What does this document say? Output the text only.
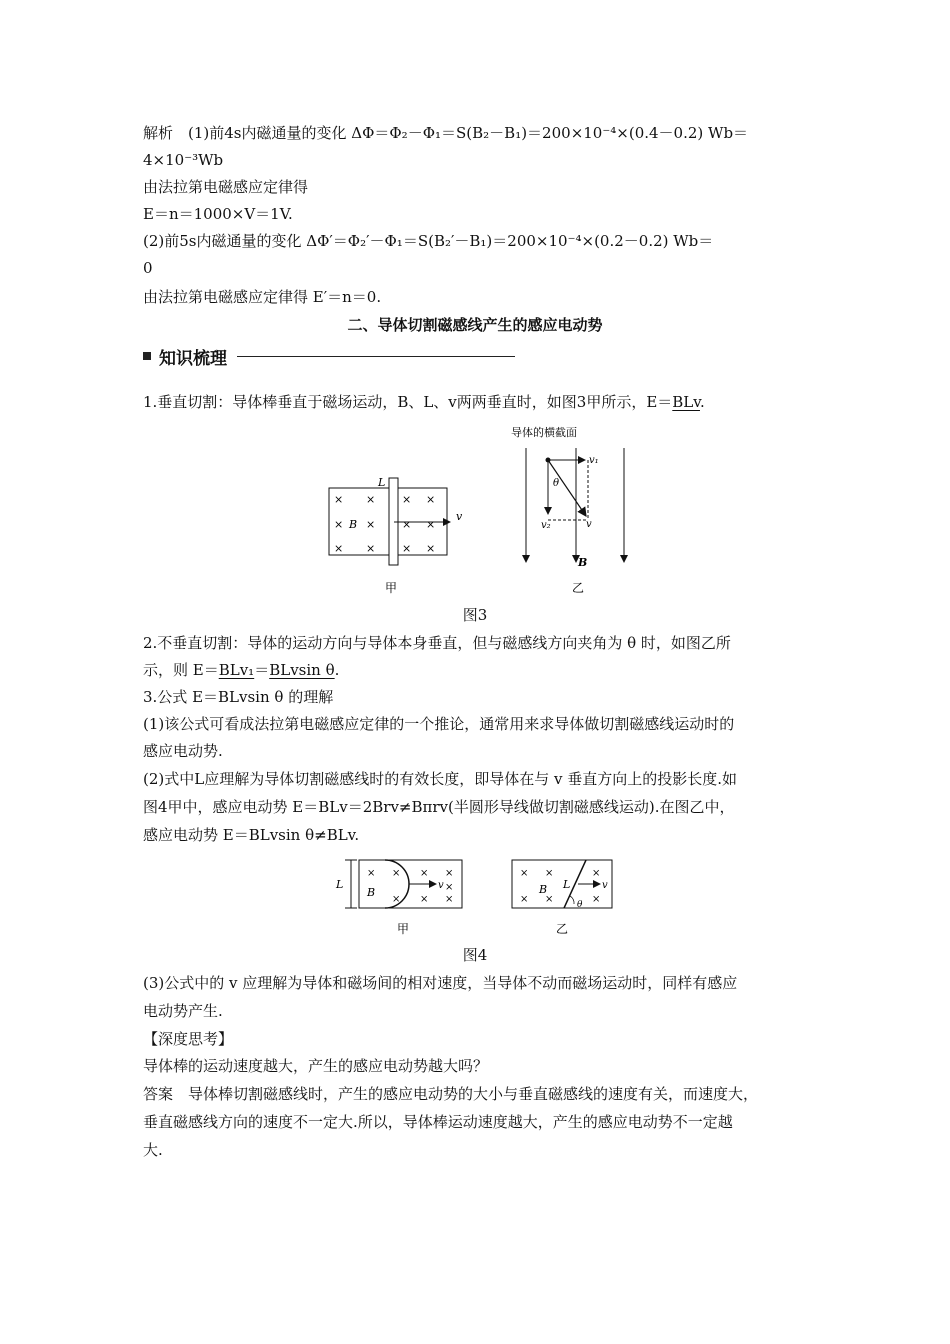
解析　(1)前4s内磁通量的变化 ΔΦ＝Φ₂－Φ₁＝S(B₂－B₁)＝200×10⁻⁴×(0.4－0.2) Wb＝
4×10⁻³Wb
由法拉第电磁感应定律得
E＝n＝1000×V＝1V.
(2)前5s内磁通量的变化 ΔΦ′＝Φ₂′－Φ₁＝S(B₂′－B₁)＝200×10⁻⁴×(0.2－0.2) Wb＝
0
由法拉第电磁感应定律得 E′＝n＝0.
二、导体切割磁感线产生的感应电动势
知识梳理
1.垂直切割：导体棒垂直于磁场运动，B、L、v两两垂直时，如图3甲所示，E＝BLv.
L
× × × ×
× × × ×
× × × ×
B
v
甲
导体的横截面
v₁
θ
v₂	v
B
乙
L
× × × ×
×
× × ×
B
v
甲
× ×	×
× ×	×
B L	v
θ
乙
图3
2.不垂直切割：导体的运动方向与导体本身垂直，但与磁感线方向夹角为 θ 时，如图乙所
示，则 E＝BLv₁＝BLvsin θ.
3.公式 E＝BLvsin θ 的理解
(1)该公式可看成法拉第电磁感应定律的一个推论，通常用来求导体做切割磁感线运动时的
感应电动势.
(2)式中L应理解为导体切割磁感线时的有效长度，即导体在与 v 垂直方向上的投影长度.如
图4甲中，感应电动势 E＝BLv＝2Brv≠Bπrv(半圆形导线做切割磁感线运动).在图乙中，
感应电动势 E＝BLvsin θ≠BLv.
图4
(3)公式中的 v 应理解为导体和磁场间的相对速度，当导体不动而磁场运动时，同样有感应
电动势产生.
【深度思考】
导体棒的运动速度越大，产生的感应电动势越大吗？
答案　导体棒切割磁感线时，产生的感应电动势的大小与垂直磁感线的速度有关，而速度大，
垂直磁感线方向的速度不一定大.所以，导体棒运动速度越大，产生的感应电动势不一定越
大.
